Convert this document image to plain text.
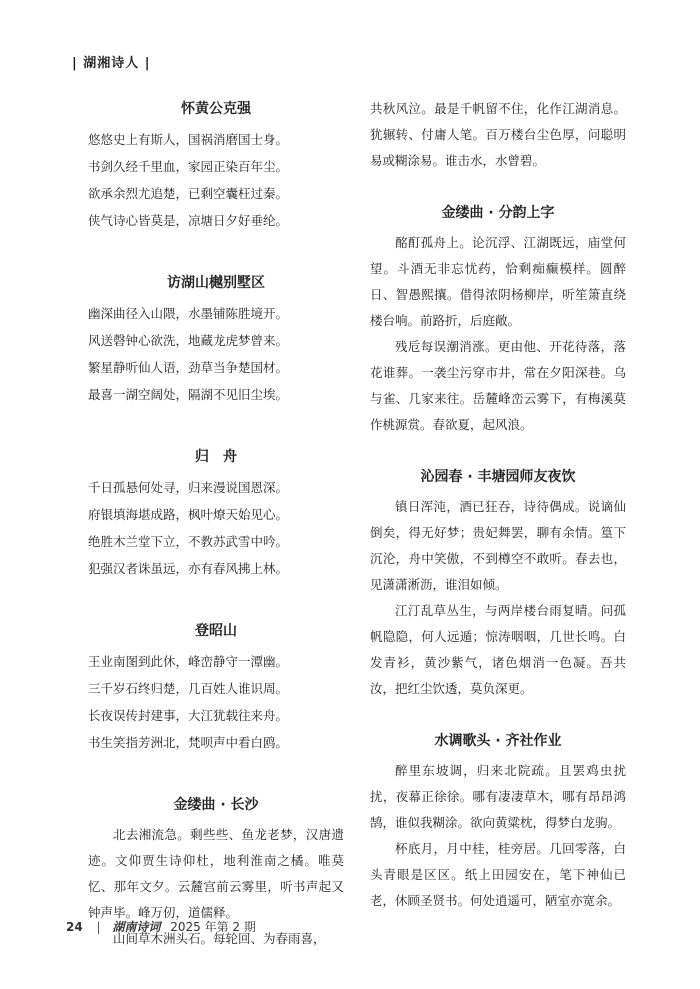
| 湖湘诗人 |
怀黄公克强
悠悠史上有斯人，国祸消磨国士身。
书剑久经千里血，家园正染百年尘。
欲承余烈尤追楚，已剩空囊枉过秦。
侠气诗心皆莫是，凉塘日夕好垂纶。
访湖山樾别墅区
幽深曲径入山隈，水墨铺陈胜境开。
风送磬钟心欲洗，地藏龙虎梦曾来。
繁星静听仙人语，劲草当争楚国材。
最喜一湖空阔处，隔湖不见旧尘埃。
归　舟
千日孤悬何处寻，归来漫说国恩深。
府银填海堪成路，枫叶燎天始见心。
绝胜木兰堂下立，不教苏武雪中吟。
犯强汉者诛虽远，亦有春风拂上林。
登昭山
王业南图到此休，峰峦静守一潭幽。
三千岁石终归楚，几百姓人谁识周。
长夜误传封建事，大江犹载往来舟。
书生笑指芳洲北，梵呗声中看白鸥。
金缕曲 · 长沙

北去湘流急。剩些些、鱼龙老梦，汉唐遗迹。文仰贾生诗仰杜，地利淮南之橘。唯莫忆、那年文夕。云麓宫前云雾里，听书声起又钟声毕。峰万仞，道儒释。

山间草木洲头石。每轮回、为春雨喜，

共秋风泣。最是千帆留不住，化作江湖消息。犹辗转、付庸人笔。百万楼台尘色厚，问聪明易或糊涂易。谁击水，水曾碧。

金缕曲 · 分韵上字

酩酊孤舟上。论沉浮、江湖既远，庙堂何望。斗酒无非忘忧药，恰剩痴癫模样。圆醉日、智愚熙攘。借得浓阴杨柳岸，听笙箫直绕楼台响。前路折，后庭敞。

残卮每误潮消涨。更由他、开花待落，落花谁葬。一袭尘污穿市井，常在夕阳深巷。乌与雀、几家来往。岳麓峰峦云雾下，有梅溪莫作桃源赏。春欲夏，起风浪。

沁园春 · 丰塘园师友夜饮

镇日浑沌，酒已狂吞，诗待偶成。说谪仙倒矣，得无好梦；贵妃舞罢，聊有余情。篁下沉沦，舟中笑傲，不到樽空不敢听。春去也，见潇潇淅沥，谁泪如倾。

江汀乱草丛生，与两岸楼台雨复晴。问孤帆隐隐，何人远遁；惊涛咽咽，几世长鸣。白发青衫，黄沙紫气，诸色烟消一色凝。吾共汝，把红尘饮透，莫负深更。

水调歌头 · 齐社作业

醉里东坡调，归来北院疏。且罢鸡虫扰扰，夜幕正徐徐。哪有凄凄草木，哪有昂昂鸿鹄，谁似我糊涂。欲向黄粱枕，得梦白龙驹。

杯底月，月中桂，桂旁居。几回零落，白头青眼是区区。纸上田园安在，笔下神仙已老，休顾圣贤书。何处逍遥可，陋室亦宽余。

24 | 湖南诗词 2025 年第 2 期
